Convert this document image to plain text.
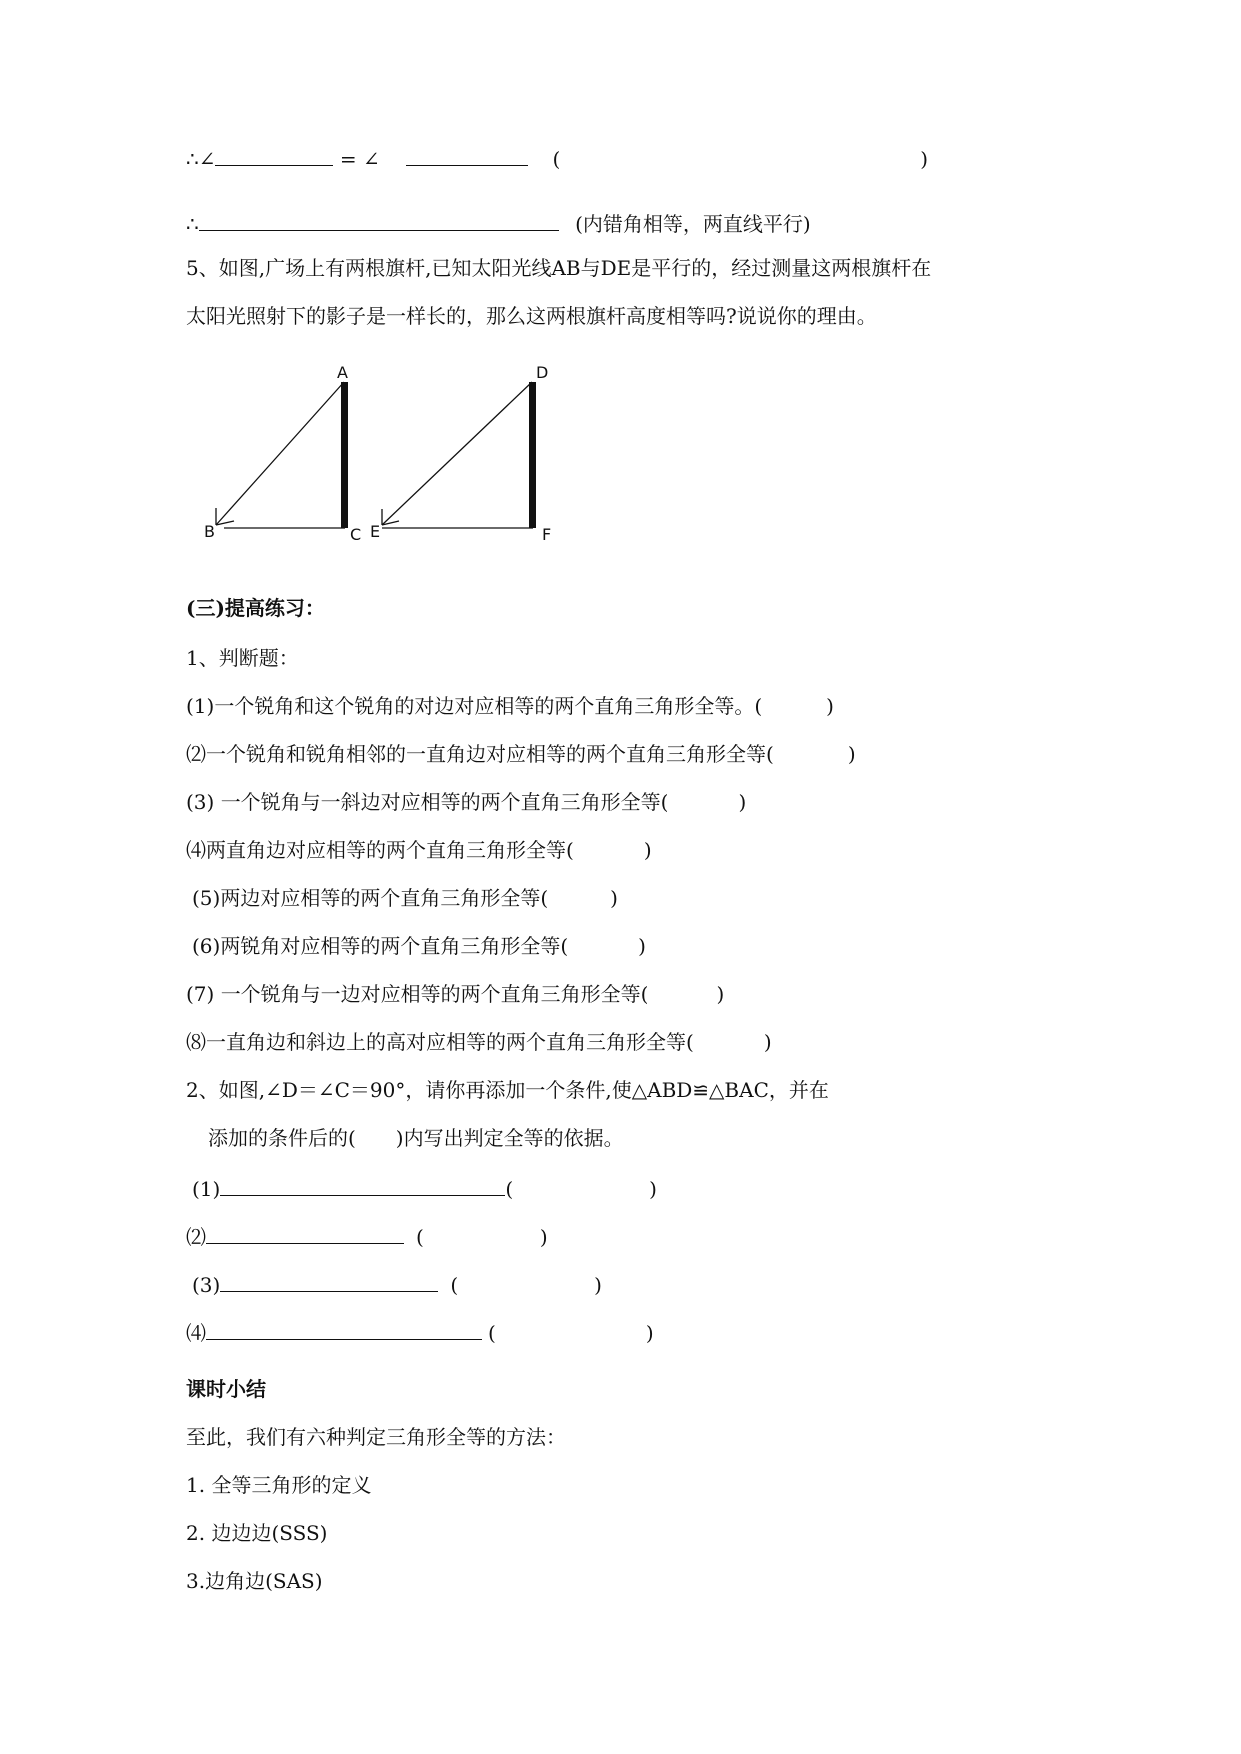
∴∠	= ∠	(	)
∴	(内错角相等，两直线平行)
5、如图,广场上有两根旗杆,已知太阳光线AB与DE是平行的，经过测量这两根旗杆在
太阳光照射下的影子是一样长的，那么这两根旗杆高度相等吗?说说你的理由。
A
B	C
D
E	F
(三)提高练习：
1、判断题：
(1)一个锐角和这个锐角的对边对应相等的两个直角三角形全等。(	)
⑵一个锐角和锐角相邻的一直角边对应相等的两个直角三角形全等(	)
(3) 一个锐角与一斜边对应相等的两个直角三角形全等(	)
⑷两直角边对应相等的两个直角三角形全等(	)
(5)两边对应相等的两个直角三角形全等(	)
(6)两锐角对应相等的两个直角三角形全等(	)
(7) 一个锐角与一边对应相等的两个直角三角形全等(	)
⑻一直角边和斜边上的高对应相等的两个直角三角形全等(	)
2、如图,∠D＝∠C＝90°，请你再添加一个条件,使△ABD≌△BAC，并在
添加的条件后的(　　)内写出判定全等的依据。
(1)	(	)
⑵	(	)
(3)	(	)
⑷	(	)
课时小结
至此，我们有六种判定三角形全等的方法：
1. 全等三角形的定义
2. 边边边(SSS)
3.边角边(SAS)
